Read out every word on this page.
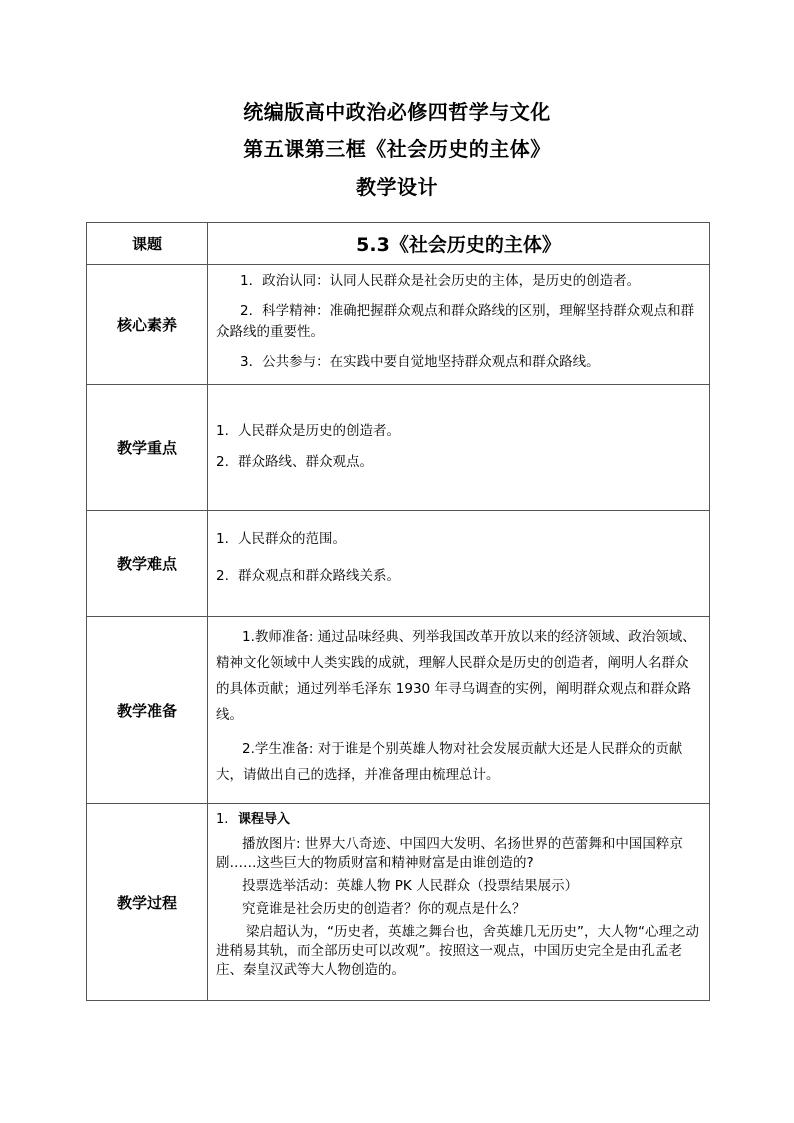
统编版高中政治必修四哲学与文化
第五课第三框《社会历史的主体》
教学设计
课题	5.3《社会历史的主体》
核心素养	1．政治认同：认同人民群众是社会历史的主体，是历史的创造者。
2．科学精神：准确把握群众观点和群众路线的区别，理解坚持群众观点和群众路线的重要性。
3．公共参与：在实践中要自觉地坚持群众观点和群众路线。

教学重点	1. 人民群众是历史的创造者。
2. 群众路线、群众观点。

教学难点	1. 人民群众的范围。
2. 群众观点和群众路线关系。

教学准备	1.教师准备: 通过品味经典、列举我国改革开放以来的经济领域、政治领域、精神文化领域中人类实践的成就，理解人民群众是历史的创造者，阐明人名群众的具体贡献；通过列举毛泽东 1930 年寻乌调查的实例，阐明群众观点和群众路线。
2.学生准备: 对于谁是个别英雄人物对社会发展贡献大还是人民群众的贡献大，请做出自己的选择，并准备理由梳理总计。

教学过程	1. 课程导入
播放图片: 世界大八奇迹、中国四大发明、名扬世界的芭蕾舞和中国国粹京剧……这些巨大的物质财富和精神财富是由谁创造的?
投票选举活动：英雄人物 PK 人民群众（投票结果展示）
究竟谁是社会历史的创造者？你的观点是什么？
梁启超认为，“历史者，英雄之舞台也，舍英雄几无历史”，大人物“心理之动进稍易其轨，而全部历史可以改观”。按照这一观点，中国历史完全是由孔孟老庄、秦皇汉武等大人物创造的。
